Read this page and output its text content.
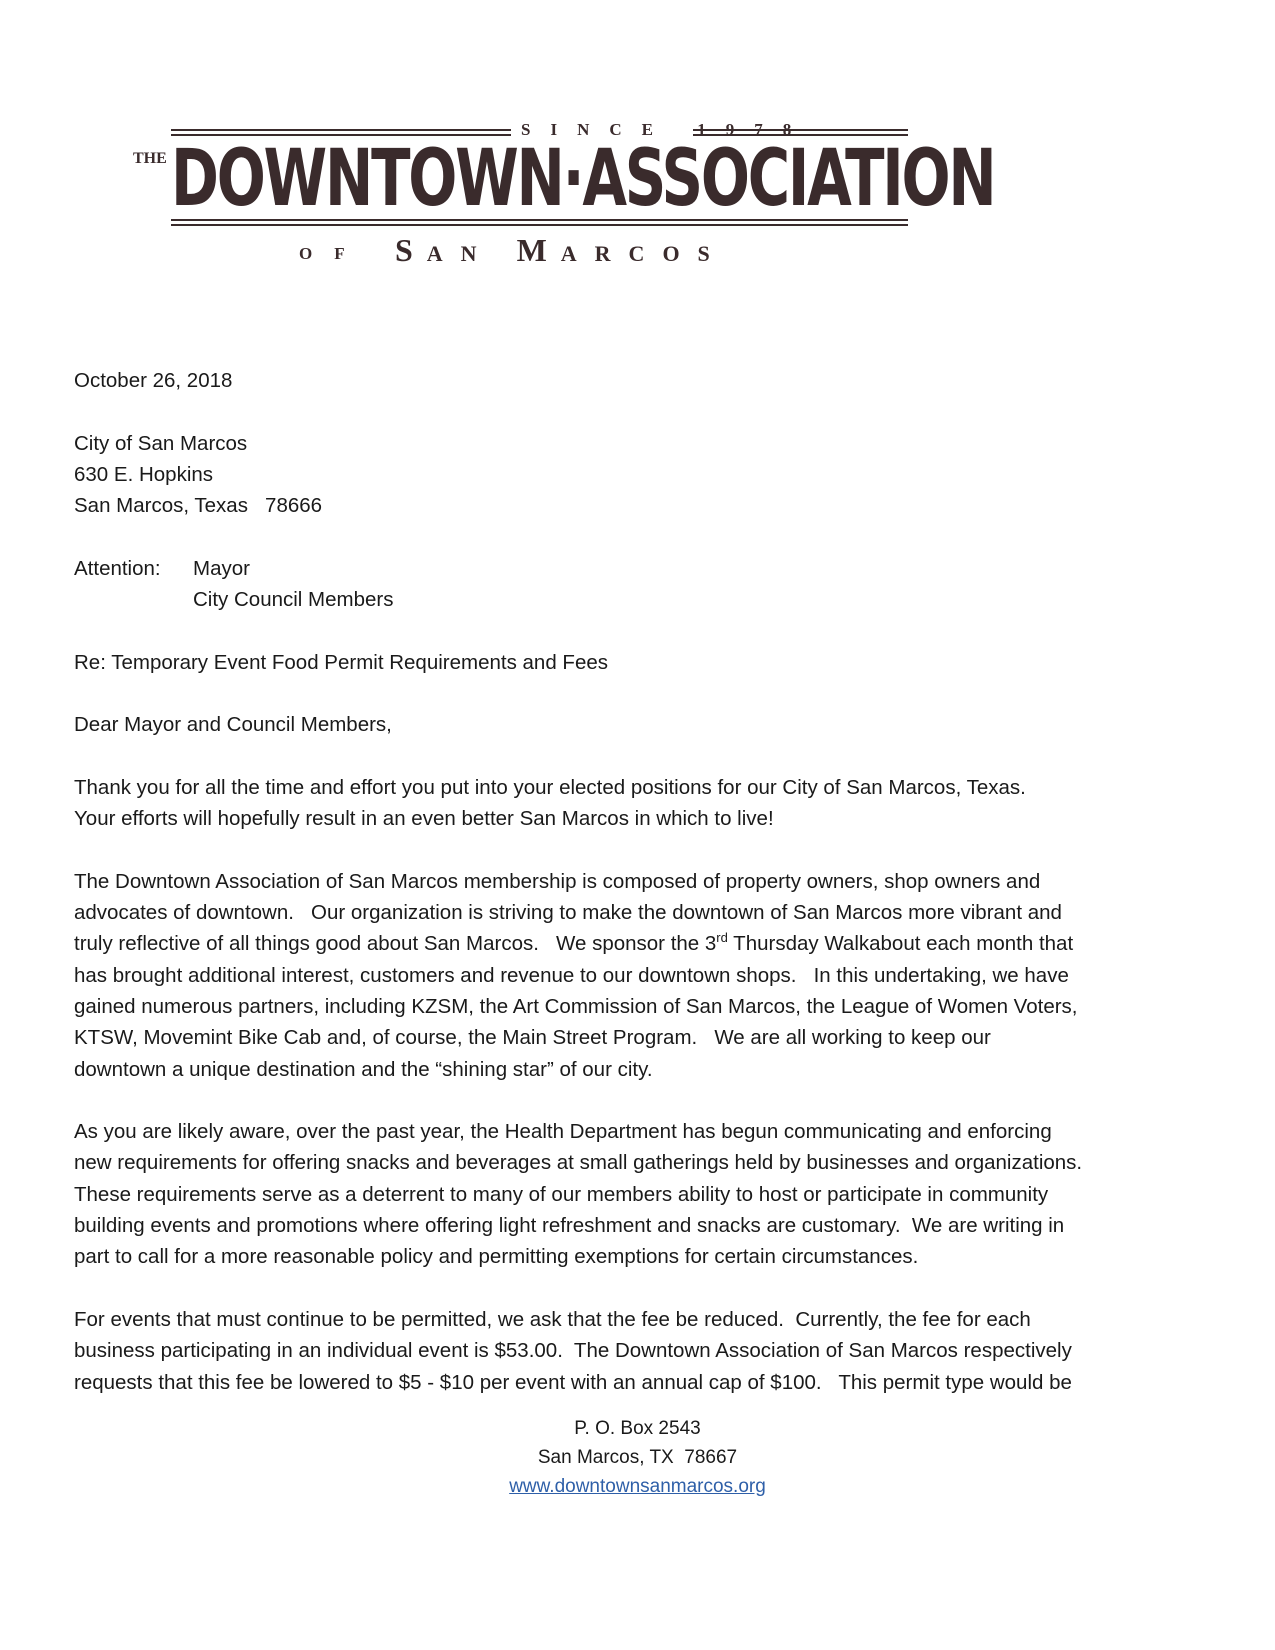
SINCE 1978
THE DOWNTOWN·ASSOCIATION
OF SAN MARCOS

October 26, 2018

City of San Marcos
630 E. Hopkins
San Marcos, Texas   78666

Attention: Mayor

City Council Members

Re: Temporary Event Food Permit Requirements and Fees

Dear Mayor and Council Members,

Thank you for all the time and effort you put into your elected positions for our City of San Marcos, Texas.
Your efforts will hopefully result in an even better San Marcos in which to live!

The Downtown Association of San Marcos membership is composed of property owners, shop owners and
advocates of downtown.   Our organization is striving to make the downtown of San Marcos more vibrant and
truly reflective of all things good about San Marcos.   We sponsor the 3rd Thursday Walkabout each month that
has brought additional interest, customers and revenue to our downtown shops.   In this undertaking, we have
gained numerous partners, including KZSM, the Art Commission of San Marcos, the League of Women Voters,
KTSW, Movemint Bike Cab and, of course, the Main Street Program.   We are all working to keep our
downtown a unique destination and the “shining star” of our city.

As you are likely aware, over the past year, the Health Department has begun communicating and enforcing
new requirements for offering snacks and beverages at small gatherings held by businesses and organizations.
These requirements serve as a deterrent to many of our members ability to host or participate in community
building events and promotions where offering light refreshment and snacks are customary.  We are writing in
part to call for a more reasonable policy and permitting exemptions for certain circumstances.

For events that must continue to be permitted, we ask that the fee be reduced.  Currently, the fee for each
business participating in an individual event is $53.00.  The Downtown Association of San Marcos respectively
requests that this fee be lowered to $5 - $10 per event with an annual cap of $100.   This permit type would be

P. O. Box 2543
San Marcos, TX  78667
www.downtownsanmarcos.org
